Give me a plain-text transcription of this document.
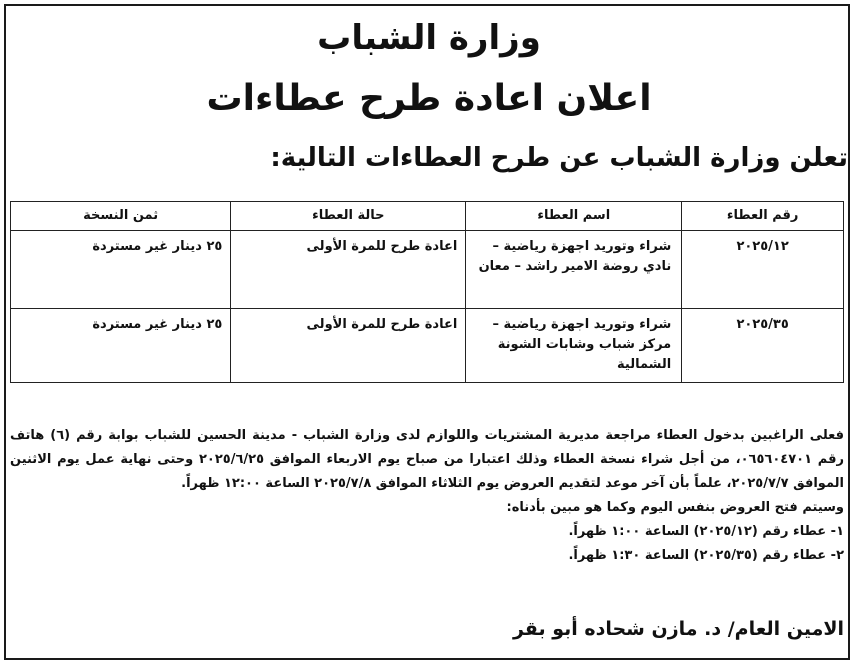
وزارة الشباب
اعلان اعادة طرح عطاءات
تعلن وزارة الشباب عن طرح العطاءات التالية:
رقم العطاء	اسم العطاء	حالة العطاء	ثمن النسخة
٢٠٢٥/١٢	شراء وتوريد اجهزة رياضية – نادي روضة الامير راشد – معان	اعادة طرح للمرة الأولى	٢٥ دينار غير مستردة
٢٠٢٥/٣٥	شراء وتوريد اجهزة رياضية – مركز شباب وشابات الشونة الشمالية	اعادة طرح للمرة الأولى	٢٥ دينار غير مستردة

فعلى الراغبين بدخول العطاء مراجعة مديرية المشتريات واللوازم لدى وزارة الشباب - مدينة الحسين للشباب بوابة رقم (٦) هاتف رقم ٠٦٥٦٠٤٧٠١، من أجل شراء نسخة العطاء وذلك اعتبارا من صباح يوم الاربعاء الموافق ٢٠٢٥/٦/٢٥ وحتى نهاية عمل يوم الاثنين الموافق ٢٠٢٥/٧/٧، علماً بأن آخر موعد لتقديم العروض يوم الثلاثاء الموافق ٢٠٢٥/٧/٨ الساعة ١٢:٠٠ ظهراً.

وسيتم فتح العروض بنفس اليوم وكما هو مبين بأدناه:

١- عطاء رقم (٢٠٢٥/١٢) الساعة ١:٠٠ ظهراً.

٢- عطاء رقم (٢٠٢٥/٣٥) الساعة ١:٣٠ ظهراً.

الامين العام/ د. مازن شحاده أبو بقر
